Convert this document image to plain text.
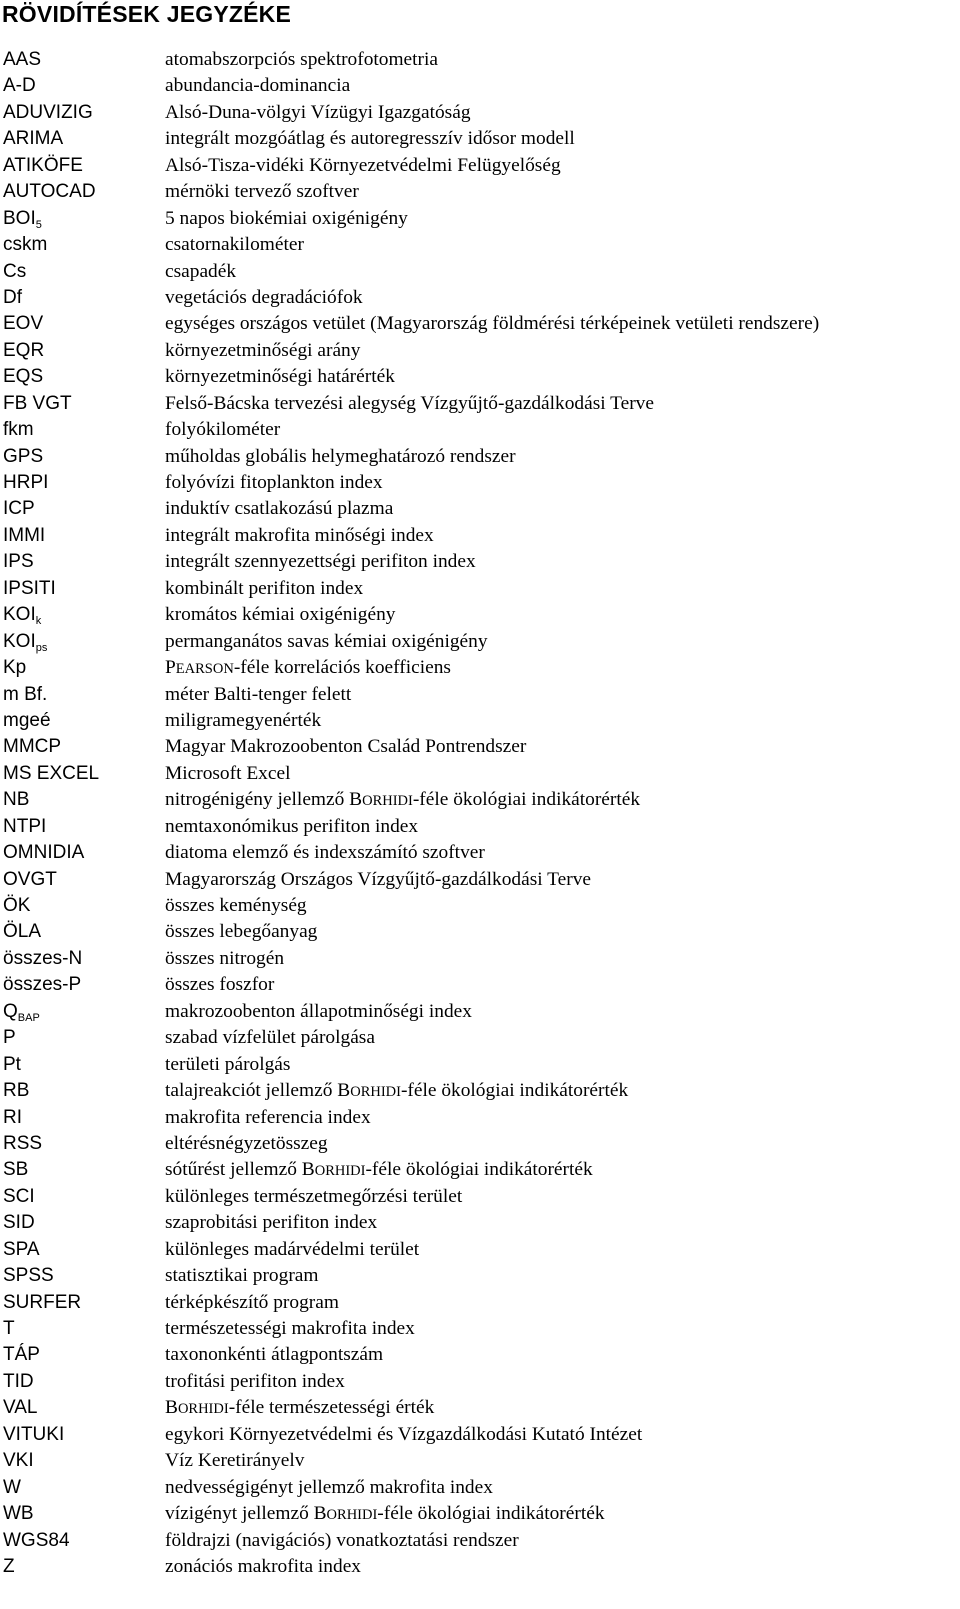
RÖVIDÍTÉSEK JEGYZÉKE
AAS	atomabszorpciós spektrofotometria
A-D	abundancia-dominancia
ADUVIZIG	Alsó-Duna-völgyi Vízügyi Igazgatóság
ARIMA	integrált mozgóátlag és autoregresszív idősor modell
ATIKÖFE	Alsó-Tisza-vidéki Környezetvédelmi Felügyelőség
AUTOCAD	mérnöki tervező szoftver
$BOI_5$	5 napos biokémiai oxigénigény
cskm	csatornakilométer
Cs	csapadék
Df	vegetációs degradációfok
EOV	egységes országos vetület (Magyarország földmérési térképeinek vetületi rendszere)
EQR	környezetminőségi arány
EQS	környezetminőségi határérték
FB VGT	Felső-Bácska tervezési alegység Vízgyűjtő-gazdálkodási Terve
fkm	folyókilométer
GPS	műholdas globális helymeghatározó rendszer
HRPI	folyóvízi fitoplankton index
ICP	induktív csatlakozású plazma
IMMI	integrált makrofita minőségi index
IPS	integrált szennyezettségi perifiton index
IPSITI	kombinált perifiton index
$KOI_k$	kromátos kémiai oxigénigény
$KOI_{ps}$	permanganátos savas kémiai oxigénigény
Kp	PEARSON-féle korrelációs koefficiens
m Bf.	méter Balti-tenger felett
mgeé	miligramegyenérték
MMCP	Magyar Makrozoobenton Család Pontrendszer
MS EXCEL	Microsoft Excel
NB	nitrogénigény jellemző BORHIDI-féle ökológiai indikátorérték
NTPI	nemtaxonómikus perifiton index
OMNIDIA	diatoma elemző és indexszámító szoftver
OVGT	Magyarország Országos Vízgyűjtő-gazdálkodási Terve
ÖK	összes keménység
ÖLA	összes lebegőanyag
összes-N	összes nitrogén
összes-P	összes foszfor
$Q_{BAP}$	makrozoobenton állapotminőségi index
P	szabad vízfelület párolgása
Pt	területi párolgás
RB	talajreakciót jellemző BORHIDI-féle ökológiai indikátorérték
RI	makrofita referencia index
RSS	eltérésnégyzetösszeg
SB	sótűrést jellemző BORHIDI-féle ökológiai indikátorérték
SCI	különleges természetmegőrzési terület
SID	szaprobitási perifiton index
SPA	különleges madárvédelmi terület
SPSS	statisztikai program
SURFER	térképkészítő program
T	természetességi makrofita index
TÁP	taxononkénti átlagpontszám
TID	trofitási perifiton index
VAL	BORHIDI-féle természetességi érték
VITUKI	egykori Környezetvédelmi és Vízgazdálkodási Kutató Intézet
VKI	Víz Keretirányelv
W	nedvességigényt jellemző makrofita index
WB	vízigényt jellemző BORHIDI-féle ökológiai indikátorérték
WGS84	földrajzi (navigációs) vonatkoztatási rendszer
Z	zonációs makrofita index
